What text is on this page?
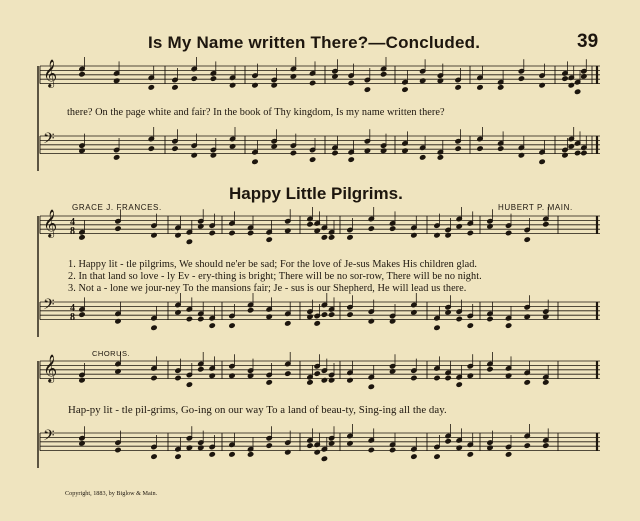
Is My Name written There?—Concluded.	39
𝄞
𝄢
𝄞
𝄢
𝄞
𝄢
4
8
4
8
there? On the page white and fair? In the book of Thy kingdom, Is my name written there?
Happy Little Pilgrims.
GRACE J. FRANCES.	HUBERT P. MAIN.
1. Happy lit - tle pilgrims, We should ne'er be sad; For the love of Je-sus Makes His children glad.
2. In that land so love - ly Ev - ery-thing is bright; There will be no sor-row, There will be no night.
3. Not a - lone we jour-ney To the mansions fair; Je - sus is our Shepherd, He will lead us there.
CHORUS.
Hap-py lit - tle pil-grims, Go-ing on our way To a land of beau-ty, Sing-ing all the day.
Copyright, 1883, by Biglow & Main.
